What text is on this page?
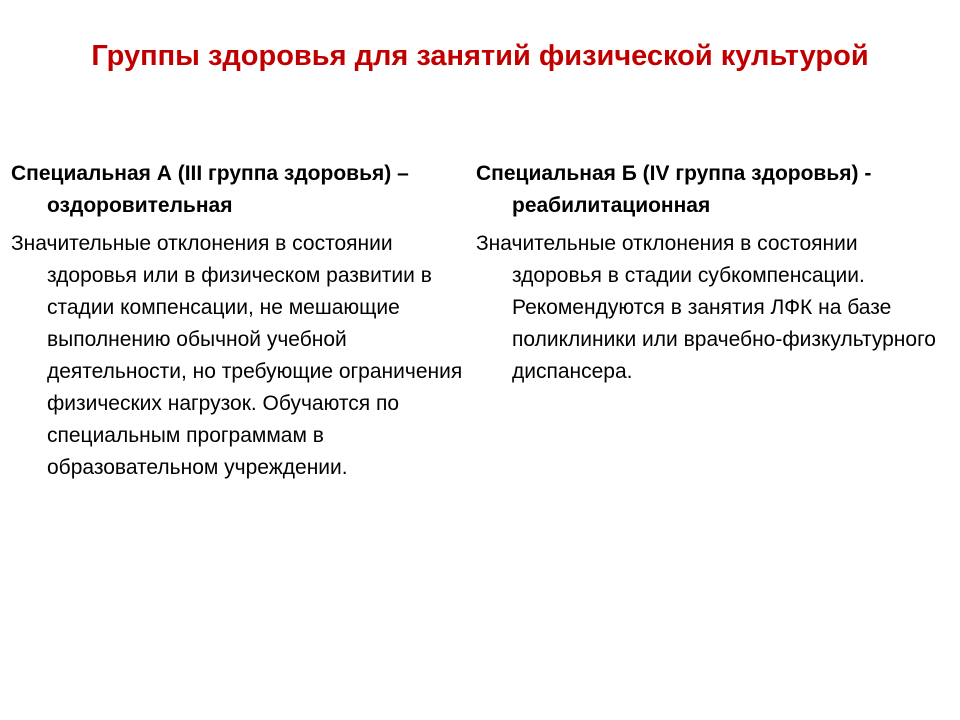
Группы здоровья для занятий физической культурой

Специальная А (III группа здоровья) – оздоровительная

Значительные отклонения в состоянии здоровья или в физическом развитии в стадии компенсации, не мешающие выполнению обычной учебной деятельности, но требующие ограничения физических нагрузок. Обучаются по специальным программам в образовательном учреждении.

Специальная Б (IV группа здоровья) - реабилитационная

Значительные отклонения в состоянии здоровья в стадии субкомпенсации. Рекомендуются в занятия ЛФК на базе поликлиники или врачебно-физкультурного диспансера.
